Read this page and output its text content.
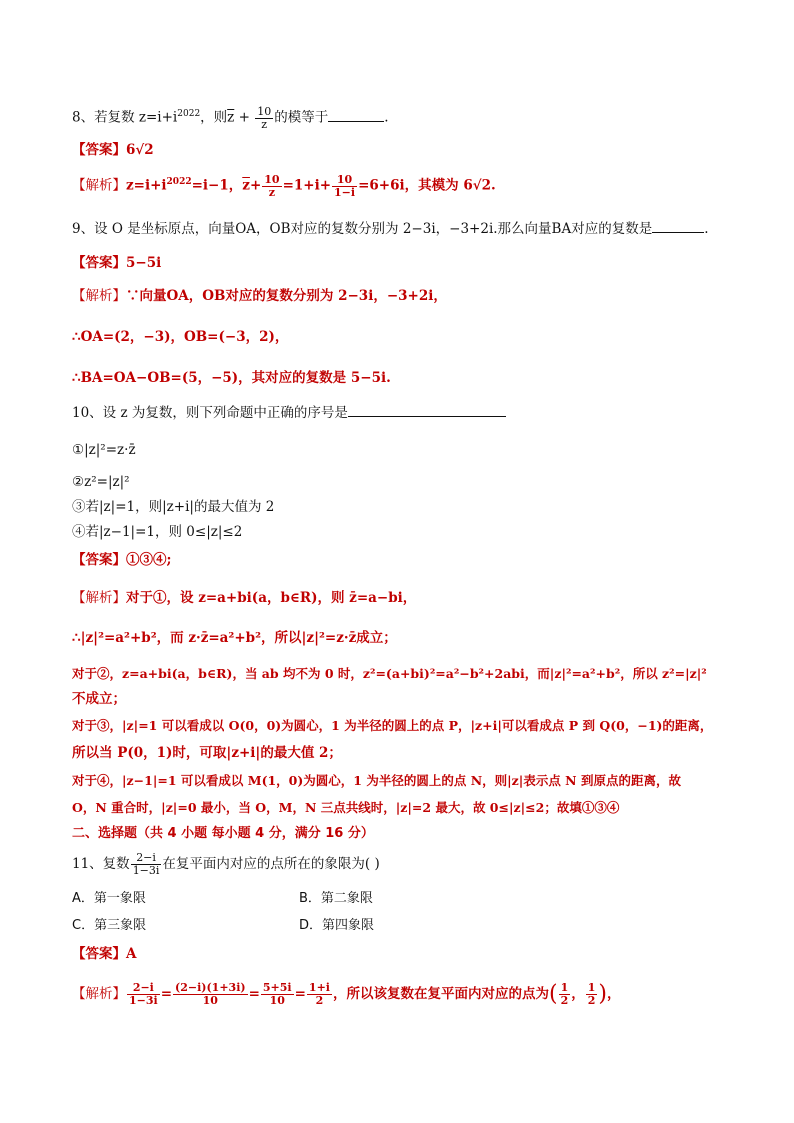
8、若复数 $z=i+i^{2022}$，则$\overline{z} + \frac{10}{z}$ 的模等于	.
【答案】6√2
【解析】$z=i+i^{2022}=i-1$，$\overline{z}+ \frac{10}{z} =1+i+ \frac{10}{1-i} =6+6i$，其模为 6√2.
9、设 O 是坐标原点，向量OA，OB对应的复数分别为 2−3i，−3+2i.那么向量BA对应的复数是	.
【答案】5−5i
【解析】∵向量OA，OB对应的复数分别为 2−3i，−3+2i，
∴OA=(2，−3)，OB=(−3，2)，
∴BA=OA−OB=(5，−5)，其对应的复数是 5−5i.
10、设 z 为复数，则下列命题中正确的序号是
①|z|²=z·z̄
②z²=|z|²
③若|z|=1，则|z+i|的最大值为 2
④若|z−1|=1，则 0≤|z|≤2
【答案】①③④;
【解析】对于①，设 z=a+bi(a，b∈R)，则 z̄=a−bi，
∴|z|²=a²+b²，而 z·z̄=a²+b²，所以|z|²=z·z̄成立；
对于②，z=a+bi(a，b∈R)，当 ab 均不为 0 时，z²=(a+bi)²=a²−b²+2abi，而|z|²=a²+b²，所以 z²=|z|²
不成立；
对于③，|z|=1 可以看成以 O(0，0)为圆心，1 为半径的圆上的点 P，|z+i|可以看成点 P 到 Q(0，−1)的距离，
所以当 P(0，1)时，可取|z+i|的最大值 2；
对于④，|z−1|=1 可以看成以 M(1，0)为圆心，1 为半径的圆上的点 N，则|z|表示点 N 到原点的距离，故
O，N 重合时，|z|=0 最小，当 O，M，N 三点共线时，|z|=2 最大，故 0≤|z|≤2；故填①③④
二、选择题（共 4 小题 每小题 4 分，满分 16 分）
11、复数 $\frac{2-i}{1-3i}$ 在复平面内对应的点所在的象限为( )
A．第一象限	B．第二象限
C．第三象限	D．第四象限
【答案】A
【解析】 $\frac{2-i}{1-3i} = \frac{(2-i)(1+3i)}{10} = \frac{5+5i}{10} = \frac{1+i}{2}$ ，所以该复数在复平面内对应的点为( $\frac{1}{2}$ ， $\frac{1}{2}$ )，
